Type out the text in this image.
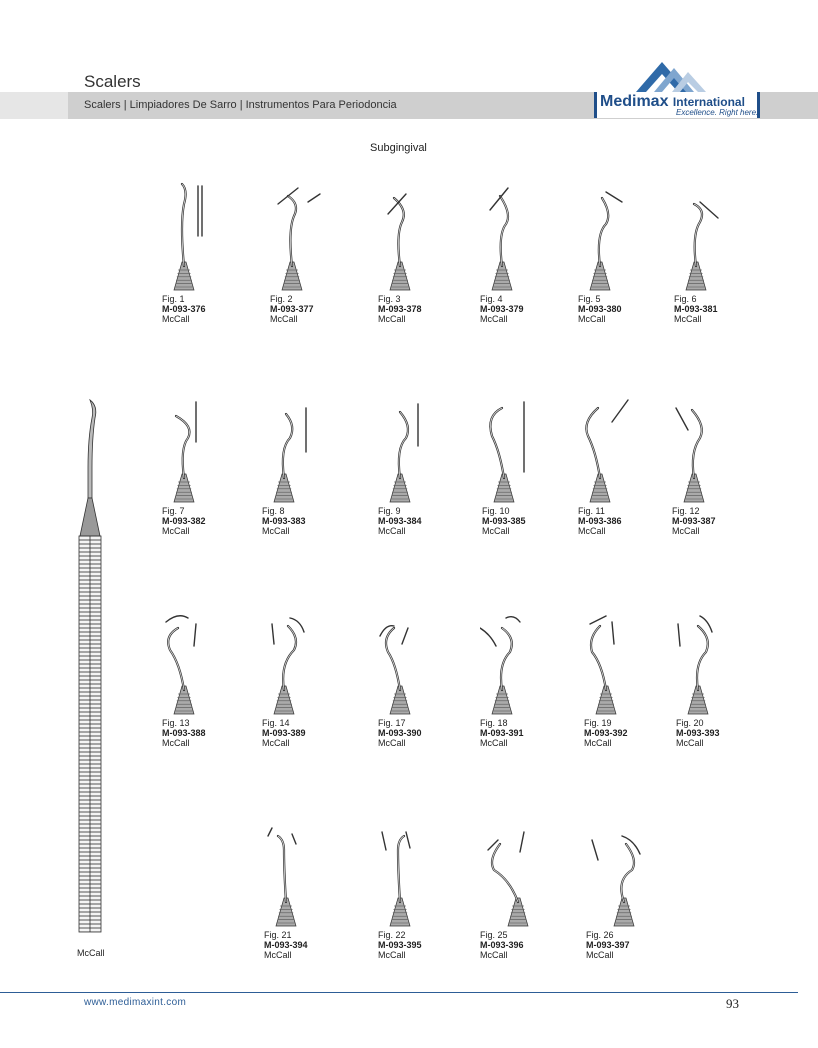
Scalers
Scalers | Limpiadores De Sarro | Instrumentos Para Periodoncia	Medimax International
Excellence. Right here.
Subgingival
Fig. 1
M-093-376
McCall
Fig. 2
M-093-377
McCall
Fig. 3
M-093-378
McCall
Fig. 4
M-093-379
McCall
Fig. 5
M-093-380
McCall
Fig. 6
M-093-381
McCall
Fig. 7
M-093-382
McCall
Fig. 8
M-093-383
McCall
Fig. 9
M-093-384
McCall
Fig. 10
M-093-385
McCall
Fig. 11
M-093-386
McCall
Fig. 12
M-093-387
McCall
Fig. 13
M-093-388
McCall
Fig. 14
M-093-389
McCall
Fig. 17
M-093-390
McCall
Fig. 18
M-093-391
McCall
Fig. 19
M-093-392
McCall
Fig. 20
M-093-393
McCall
Fig. 21
M-093-394
McCall
Fig. 22
M-093-395
McCall
Fig. 25
M-093-396
McCall
Fig. 26
M-093-397
McCall
McCall
www.medimaxint.com	93
